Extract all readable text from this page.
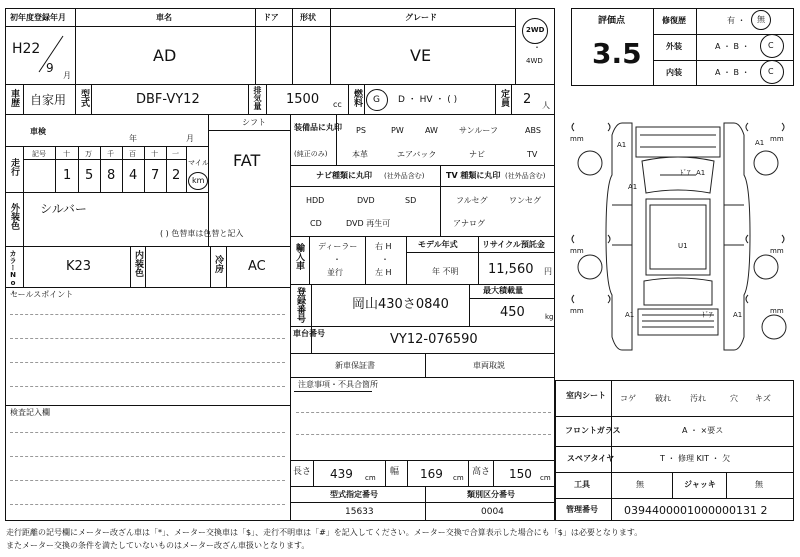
初年度登録年月
H22
9
月
車名
AD
ドア	形状	グレード
VE
2WD
・
4WD
車歴 自家用 型式	DBF-VY12	排気量 1500 cc 燃料 G D ・ HV ・ ( )	定員 2 人
車検
年	月
シフト
FAT
走行
記号 十 万 千 百 十 一
1 5 8 4 7 2
マイル
km
外装色 シルバー
( ) 色替車は色替と記入
カラーNo.	K23	内装色	冷房 AC
セールスポイント
検査記入欄
装備品に丸印
(純正のみ)
PS	PW	AW	サンルーフ	ABS
本革	エアバック	ナビ	TV
ナビ種類に丸印 (社外品含む)	TV 種類に丸印 (社外品含む)
HDD	DVD	SD
CD	DVD 再生可
フルセグ	ワンセグ
アナログ
輸入車 ディーラー
・
並行
右 H
・
左 H
モデル年式
年 不明
リサイクル預託金
11,560 円
登録番号	岡山430さ0840
最大積載量
450	kg
車台番号	VY12-076590
新車保証書	車両取説
注意事項・不具合箇所
長さ 439 cm
幅 169 cm
高さ 150 cm
型式指定番号
15633
類別区分番号
0004
評価点
3.5
修復歴	有 ・ 無
外装	A ・ B ・ C
内装	A ・ B ・ C
mm	mm
mm	mm
mm	mm
A1	A1
A1
A1
U1
A1
ﾄﾞｱ
A1
ﾄﾞｱ
室内シート コゲ 破れ 汚れ	穴 キズ
フロントガラス	A ・ ×要ス
スペアタイヤ	T ・ 修理 KIT ・ 欠
工具	無	ジャッキ	無
管理番号 0394400001000000131 2
走行距離の記号欄にメーター改ざん車は「*」、メーター交換車は「$」、走行不明車は「#」を記入してください。メーター交換で合算表示した場合にも「$」は必要となります。
またメーター交換の条件を満たしていないものはメーター改ざん車扱いとなります。
